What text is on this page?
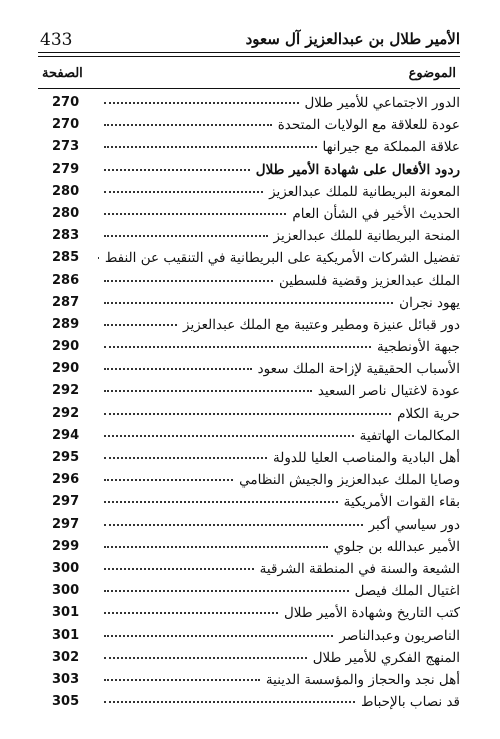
433	الأمير طلال بن عبدالعزيز آل سعود
الصفحة	الموضوع
270	الدور الاجتماعي للأمير طلال
270	عودة للعلاقة مع الولايات المتحدة
273	علاقة المملكة مع جيرانها
279	ردود الأفعال على شهادة الأمير طلال
280	المعونة البريطانية للملك عبدالعزيز
280	الحديث الأخير في الشأن العام
283	المنحة البريطانية للملك عبدالعزيز
285 تفضيل الشركات الأمريكية على البريطانية في التنقيب عن النفط
286	الملك عبدالعزيز وقضية فلسطين
287	يهود نجران
289	دور قبائل عنيزة ومطير وعتيبة مع الملك عبدالعزيز
290	جبهة الأونطجية
290	الأسباب الحقيقية لإزاحة الملك سعود
292	عودة لاغتيال ناصر السعيد
292	حرية الكلام
294	المكالمات الهاتفية
295	أهل البادية والمناصب العليا للدولة
296	وصايا الملك عبدالعزيز والجيش النظامي
297	بقاء القوات الأمريكية
297	دور سياسي أكبر
299	الأمير عبدالله بن جلوي
300	الشيعة والسنة في المنطقة الشرقية
300	اغتيال الملك فيصل
301	كتب التاريخ وشهادة الأمير طلال
301	الناصريون وعبدالناصر
302	المنهج الفكري للأمير طلال
303	أهل نجد والحجاز والمؤسسة الدينية
305	قد نصاب بالإحباط
